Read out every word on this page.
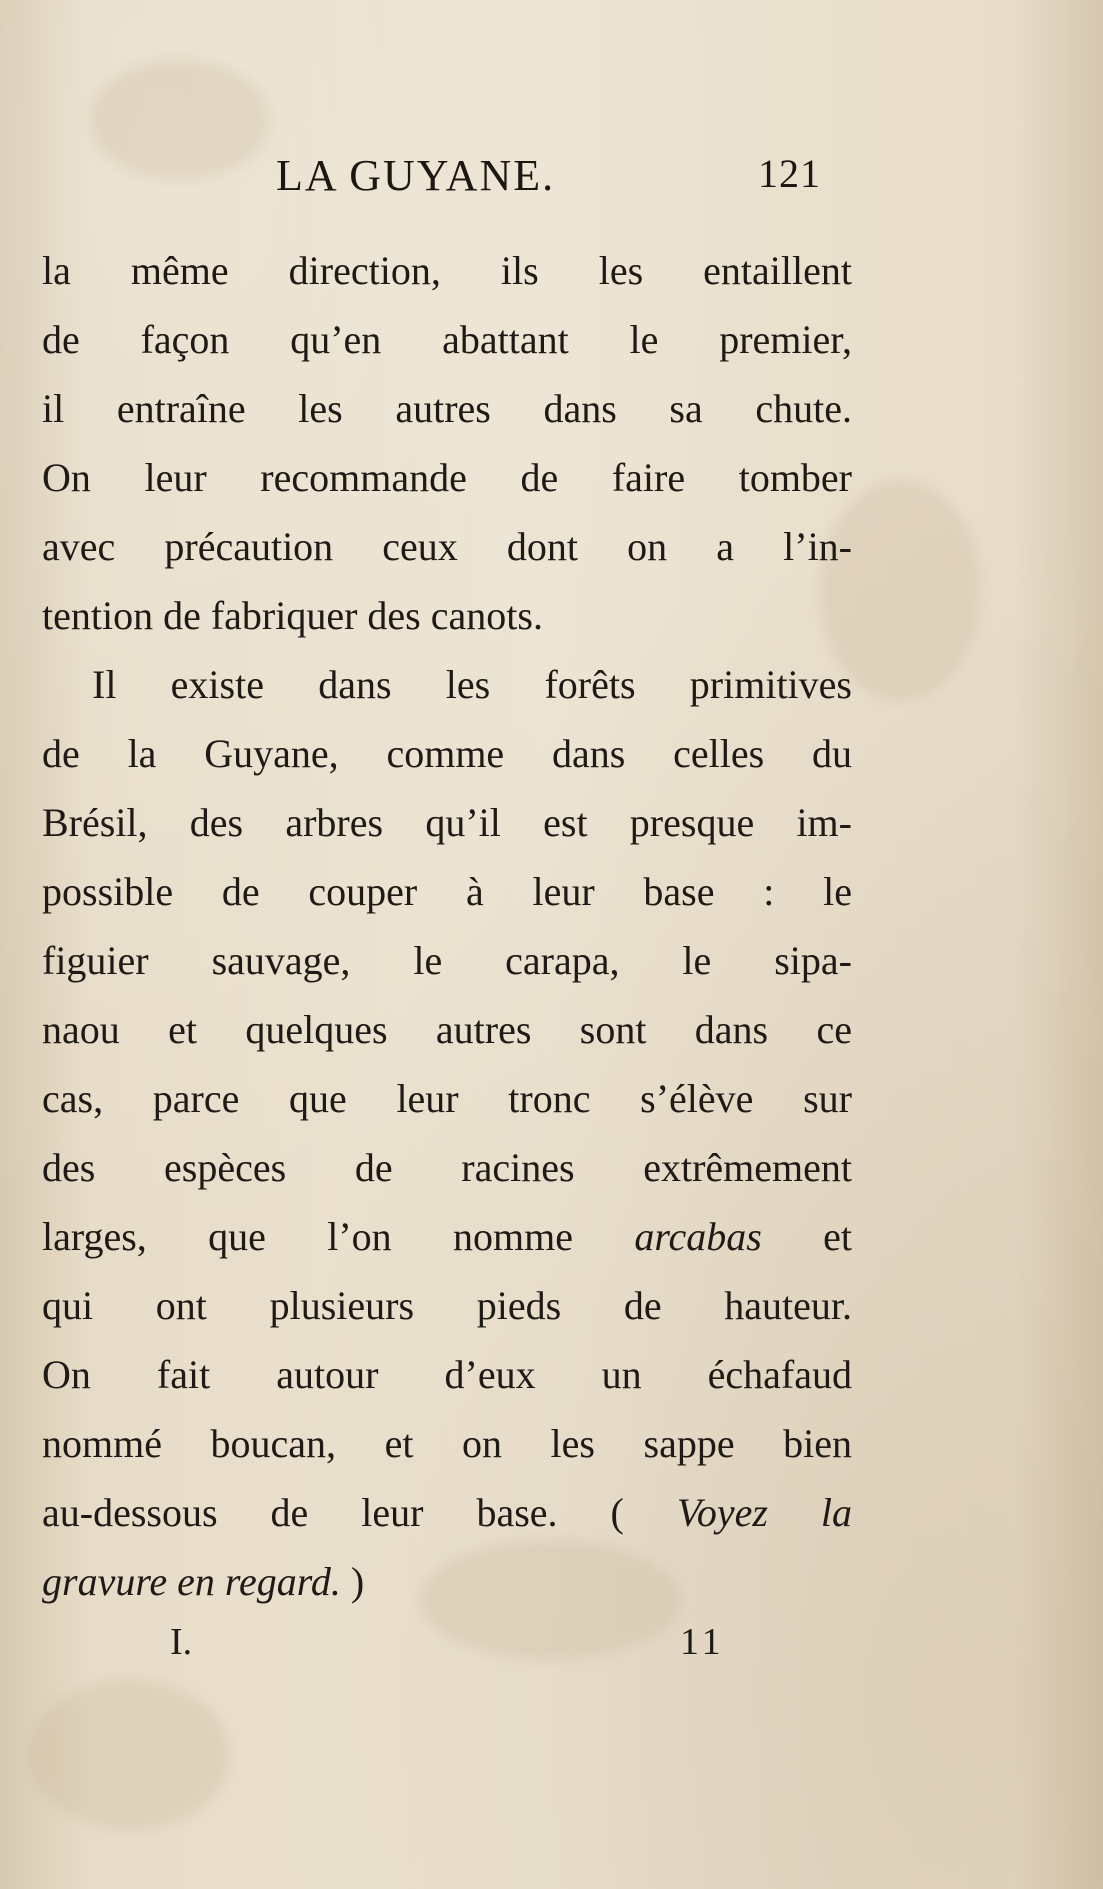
LA GUYANE.	121
la même direction, ils les entaillent
de façon qu’en abattant le premier,
il entraîne les autres dans sa chute.
On leur recommande de faire tomber
avec précaution ceux dont on a l’in-
tention de fabriquer des canots.
Il existe dans les forêts primitives
de la Guyane, comme dans celles du
Brésil, des arbres qu’il est presque im-
possible de couper à leur base : le
figuier sauvage, le carapa, le sipa-
naou et quelques autres sont dans ce
cas, parce que leur tronc s’élève sur
des espèces de racines extrêmement
larges, que l’on nomme arcabas et
qui ont plusieurs pieds de hauteur.
On fait autour d’eux un échafaud
nommé boucan, et on les sappe bien
au-dessous de leur base. ( Voyez la
gravure en regard. )
I.	11
